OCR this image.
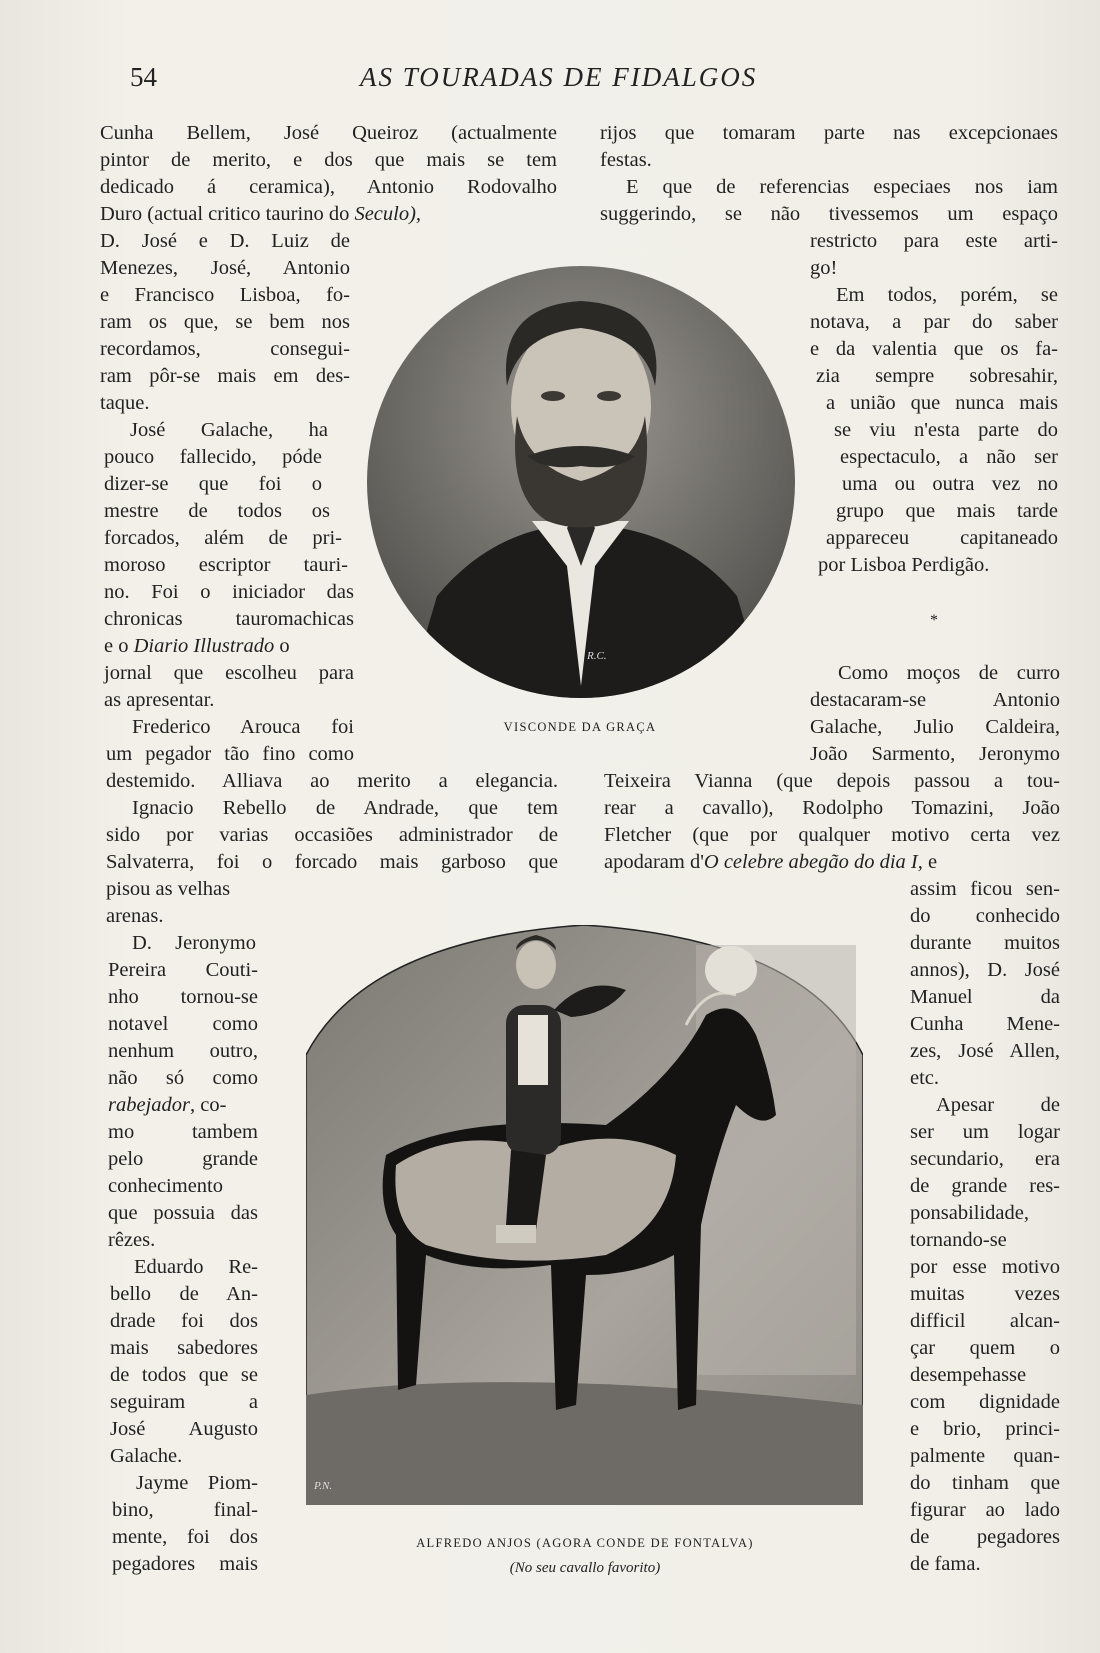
54	AS TOURADAS DE FIDALGOS
Cunha Bellem, José Queiroz (actualmente
pintor de merito, e dos que mais se tem
dedicado á ceramica), Antonio Rodovalho
Duro (actual critico taurino do Seculo),
D. José e D. Luiz de
Menezes, José, Antonio
e Francisco Lisboa, fo-
ram os que, se bem nos
recordamos, consegui-
ram pôr-se mais em des-
taque.
José Galache, ha
pouco fallecido, póde
dizer-se que foi o
mestre de todos os
forcados, além de pri-
moroso escriptor tauri-
no. Foi o iniciador das
chronicas tauromachicas
e o Diario Illustrado o
jornal que escolheu para
as apresentar.
Frederico Arouca foi
um pegador tão fino como
destemido. Alliava ao merito a elegancia.
Ignacio Rebello de Andrade, que tem
sido por varias occasiões administrador de
Salvaterra, foi o forcado mais garboso que
pisou as velhas
arenas.
D. Jeronymo
Pereira Couti-
nho tornou-se
notavel como
nenhum outro,
não só como
rabejador, co-
mo tambem
pelo grande
conhecimento
que possuia das
rêzes.
Eduardo Re-
bello de An-
drade foi dos
mais sabedores
de todos que se
seguiram a
José Augusto
Galache.
Jayme Piom-
bino, final-
mente, foi dos
pegadores mais
rijos que tomaram parte nas excepcionaes
festas.
E que de referencias especiaes nos iam
suggerindo, se não tivessemos um espaço
restricto para este arti-
go!
Em todos, porém, se
notava, a par do saber
e da valentia que os fa-
zia sempre sobresahir,
a união que nunca mais
se viu n'esta parte do
espectaculo, a não ser
uma ou outra vez no
grupo que mais tarde
appareceu capitaneado
por Lisboa Perdigão.
*
Como moços de curro
destacaram-se Antonio
Galache, Julio Caldeira,
João Sarmento, Jeronymo
Teixeira Vianna (que depois passou a tou-
rear a cavallo), Rodolpho Tomazini, João
Fletcher (que por qualquer motivo certa vez
apodaram d'O celebre abegão do dia I, e
assim ficou sen-
do conhecido
durante muitos
annos), D. José
Manuel da
Cunha Mene-
zes, José Allen,
etc.
Apesar de
ser um logar
secundario, era
de grande res-
ponsabilidade,
tornando-se
por esse motivo
muitas vezes
difficil alcan-
çar quem o
desempehasse
com dignidade
e brio, princi-
palmente quan-
do tinham que
figurar ao lado
de pegadores
de fama.
R.C.
VISCONDE DA GRAÇA
P.N.
ALFREDO ANJOS (AGORA CONDE DE FONTALVA)
(No seu cavallo favorito)
